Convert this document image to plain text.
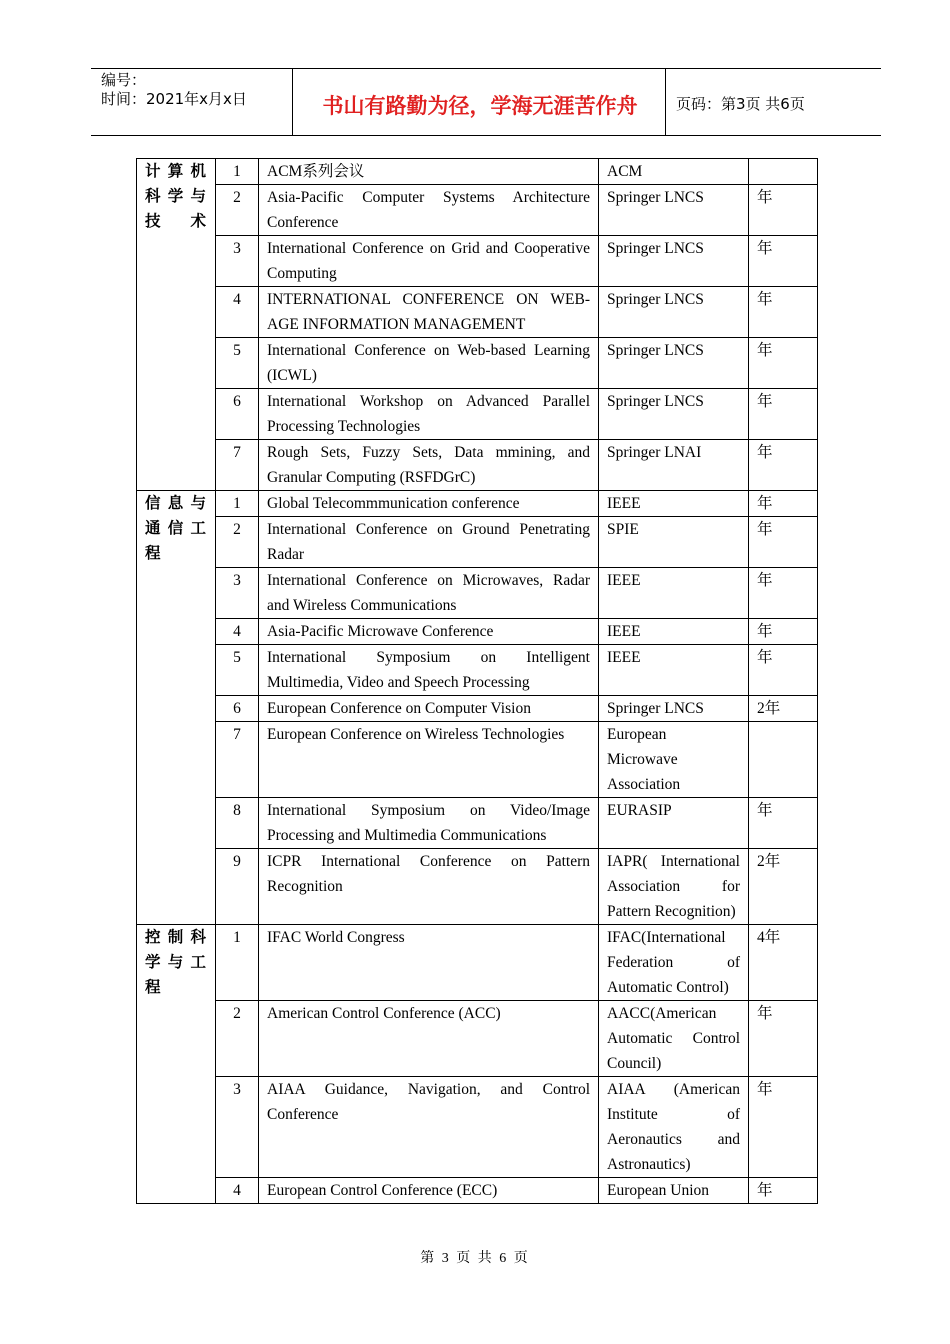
编号：
时间：2021年x月x日	书山有路勤为径，学海无涯苦作舟	页码：第3页 共6页
计算机科学与技术	1	ACM系列会议	ACM	
	2	Asia-Pacific Computer Systems Architecture Conference	Springer LNCS	年
	3	International Conference on Grid and Cooperative Computing	Springer LNCS	年
	4	INTERNATIONAL CONFERENCE ON WEB-AGE INFORMATION MANAGEMENT	Springer LNCS	年
	5	International Conference on Web-based Learning (ICWL)	Springer LNCS	年
	6	International Workshop on Advanced Parallel Processing Technologies	Springer LNCS	年
	7	Rough Sets, Fuzzy Sets, Data mmining, and Granular Computing (RSFDGrC)	Springer LNAI	年
信息与通信工程	1	Global Telecommmunication conference	IEEE	年
	2	International Conference on Ground Penetrating Radar	SPIE	年
	3	International Conference on Microwaves, Radar and Wireless Communications	IEEE	年
	4	Asia-Pacific Microwave Conference	IEEE	年
	5	International Symposium on Intelligent Multimedia, Video and Speech Processing	IEEE	年
	6	European Conference on Computer Vision	Springer LNCS	2年
	7	European Conference on Wireless Technologies	European Microwave Association	
	8	International Symposium on Video/Image Processing and Multimedia Communications	EURASIP	年
	9	ICPR International Conference on Pattern Recognition	IAPR( International Association for Pattern Recognition)	2年
控制科学与工程	1	IFAC World Congress	IFAC(International Federation of Automatic Control)	4年
	2	American Control Conference (ACC)	AACC(American Automatic Control Council)	年
	3	AIAA Guidance, Navigation, and Control Conference	AIAA (American Institute of Aeronautics and Astronautics)	年
	4	European Control Conference (ECC)	European Union	年
第 3 页 共 6 页
